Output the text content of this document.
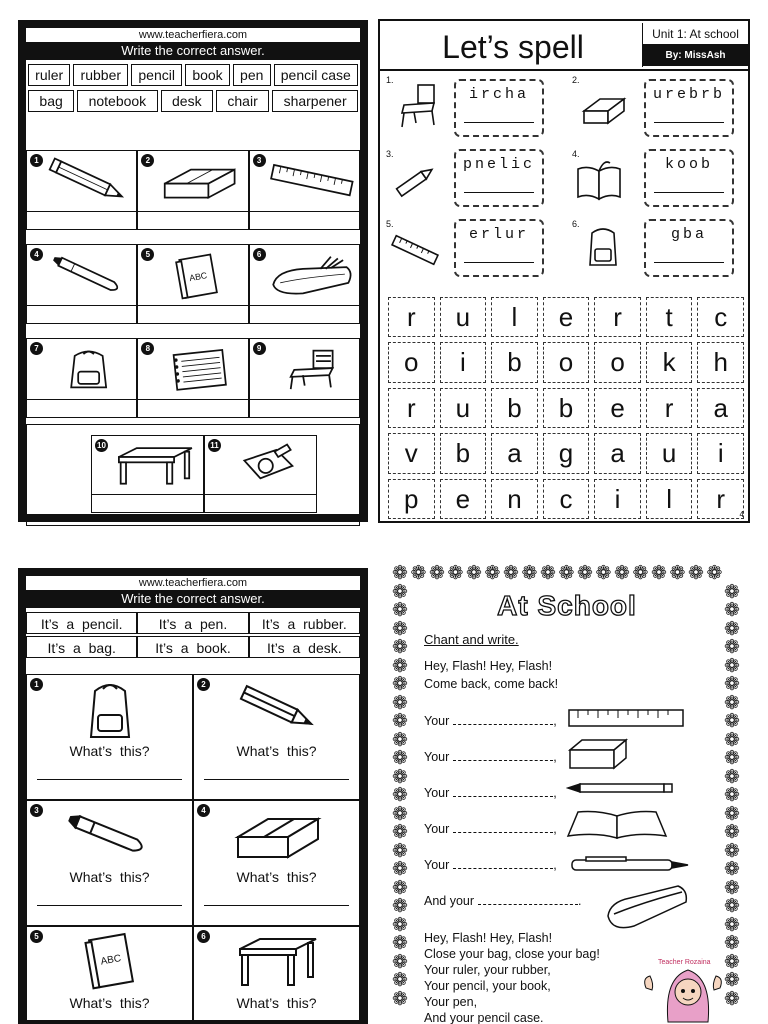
www.teacherfiera.com
Write the correct answer.
ruler	rubber	pencil	book	pen	pencil case
bag	notebook	desk	chair	sharpener
1	2	3
4	5
ABC
6
7	8	9
10	11
Let’s spell	Unit 1: At school
By: MissAsh
1.
ircha
2.
urebrb
3.
pnelic
4.
koob
5.
erlur
6.
gba
r	u	l	e	r	t	c
o	i	b	o	o	k	h
r	u	b	b	e	r	a
v	b	a	g	a	u	i
p	e	n	c	i	l	r
4
www.teacherfiera.com
Write the correct answer.
It’s a pencil.	It’s a pen.	It’s a rubber.
It’s a bag.	It’s a book.	It’s a desk.
1
What’s this?
2
What’s this?
3
What’s this?
4
What’s this?
5
ABC
What’s this?
6
What’s this?
❁ ❁ ❁ ❁ ❁ ❁ ❁ ❁ ❁ ❁ ❁ ❁ ❁ ❁ ❁ ❁ ❁ ❁
❁	❁
❁	❁
❁	❁
❁	❁
❁	❁
❁	❁
❁	❁
❁	❁
❁	❁
❁	❁
❁	❁
❁	❁
❁	❁
❁	❁
❁	❁
❁	❁
❁	❁
❁	❁
❁	❁
❁	❁
❁	❁
❁	❁
❁	❁
At School
Chant and write.
Hey, Flash! Hey, Flash!
Come back, come back!
Your	,
Your	,
Your	,
Your	,
Your	,
And your	.
Hey, Flash! Hey, Flash!
Close your bag, close your bag!
Your ruler, your rubber,
Your pencil, your book,
Your pen,
And your pencil case.
Teacher Rozaina
